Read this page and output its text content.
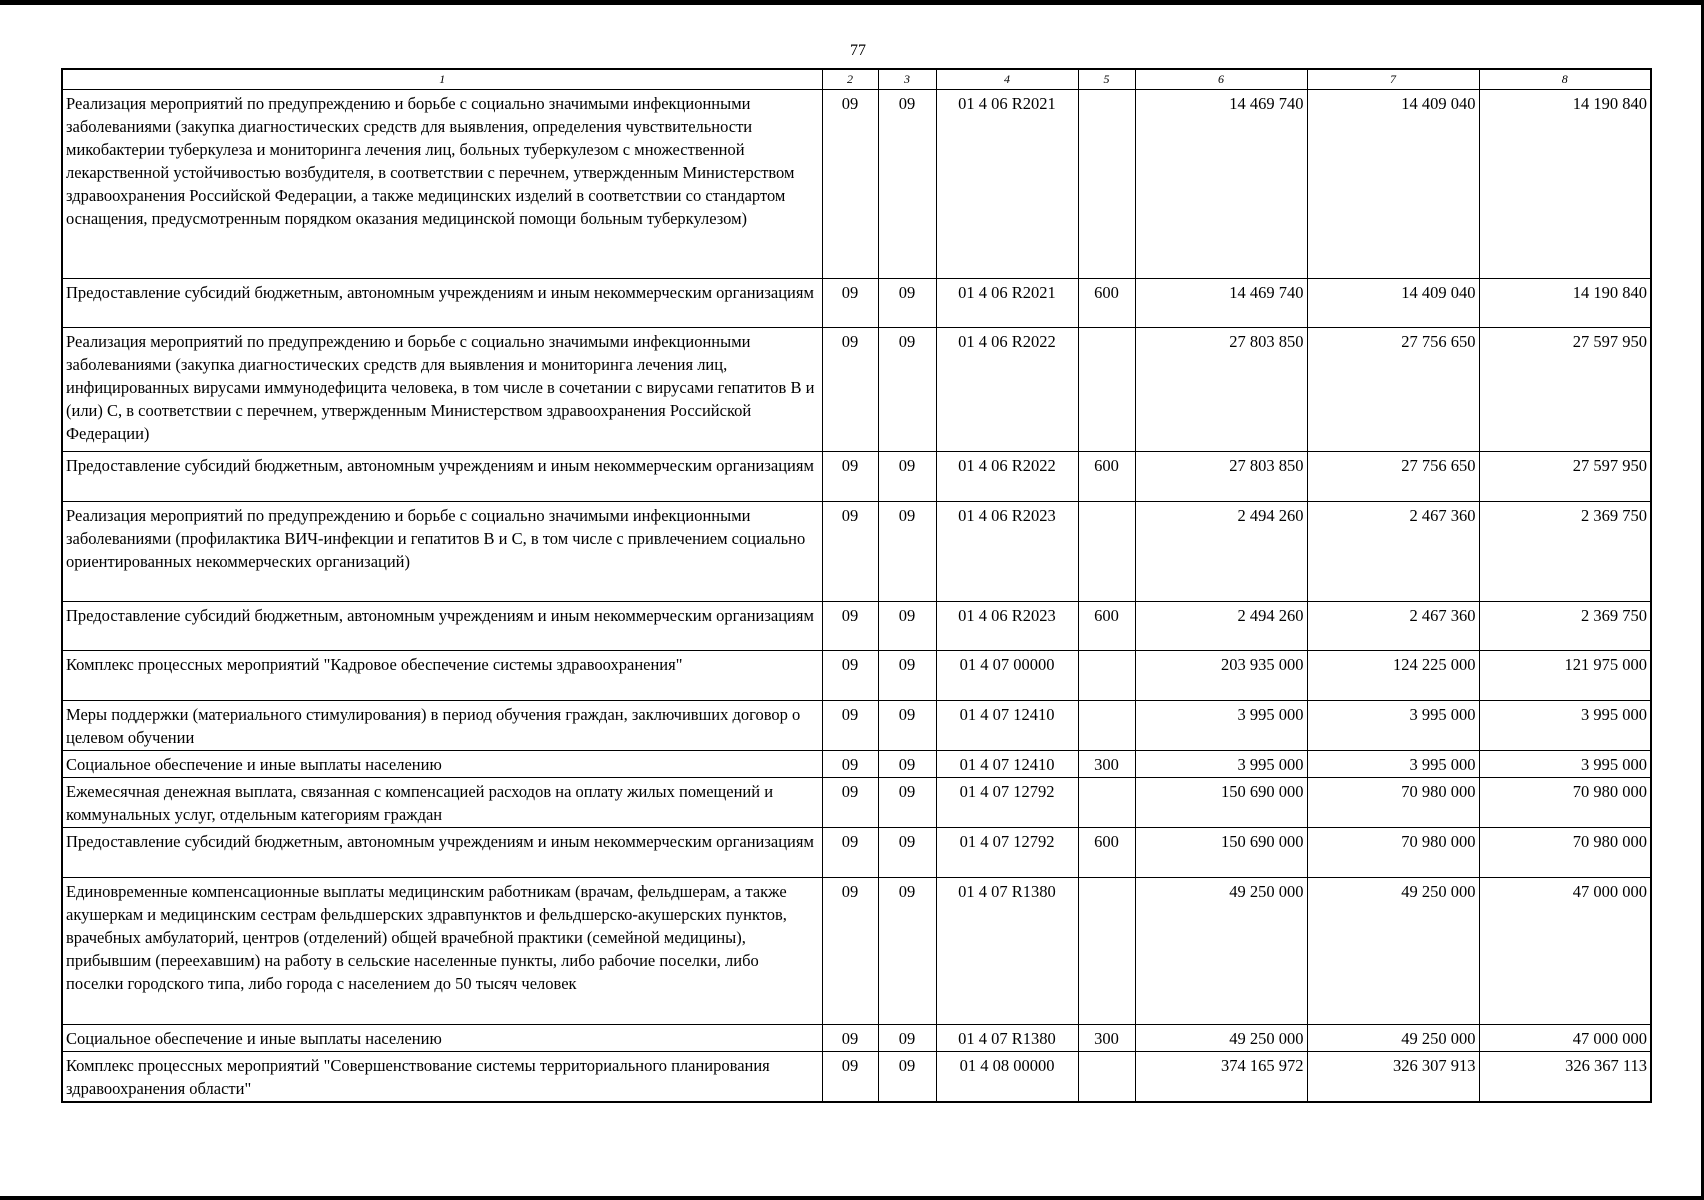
77
1	2	3	4	5	6	7	8
Реализация мероприятий по предупреждению и борьбе с социально значимыми инфекционными заболеваниями (закупка диагностических средств для выявления, определения чувствительности микобактерии туберкулеза и мониторинга лечения лиц, больных туберкулезом с множественной лекарственной устойчивостью возбудителя, в соответствии с перечнем, утвержденным Министерством здравоохранения Российской Федерации, а также медицинских изделий в соответствии со стандартом оснащения, предусмотренным порядком оказания медицинской помощи больным туберкулезом)	09	09	01 4 06 R2021		14 469 740	14 409 040	14 190 840
Предоставление субсидий бюджетным, автономным учреждениям и иным некоммерческим организациям	09	09	01 4 06 R2021	600	14 469 740	14 409 040	14 190 840
Реализация мероприятий по предупреждению и борьбе с социально значимыми инфекционными заболеваниями (закупка диагностических средств для выявления и мониторинга лечения лиц, инфицированных вирусами иммунодефицита человека, в том числе в сочетании с вирусами гепатитов B и (или) C, в соответствии с перечнем, утвержденным Министерством здравоохранения Российской Федерации)	09	09	01 4 06 R2022		27 803 850	27 756 650	27 597 950
Предоставление субсидий бюджетным, автономным учреждениям и иным некоммерческим организациям	09	09	01 4 06 R2022	600	27 803 850	27 756 650	27 597 950
Реализация мероприятий по предупреждению и борьбе с социально значимыми инфекционными заболеваниями (профилактика ВИЧ-инфекции и гепатитов B и C, в том числе с привлечением социально ориентированных некоммерческих организаций)	09	09	01 4 06 R2023		2 494 260	2 467 360	2 369 750
Предоставление субсидий бюджетным, автономным учреждениям и иным некоммерческим организациям	09	09	01 4 06 R2023	600	2 494 260	2 467 360	2 369 750
Комплекс процессных мероприятий "Кадровое обеспечение системы здравоохранения"	09	09	01 4 07 00000		203 935 000	124 225 000	121 975 000
Меры поддержки (материального стимулирования) в период обучения граждан, заключивших договор о целевом обучении	09	09	01 4 07 12410		3 995 000	3 995 000	3 995 000
Социальное обеспечение и иные выплаты населению	09	09	01 4 07 12410	300	3 995 000	3 995 000	3 995 000
Ежемесячная денежная выплата, связанная с компенсацией расходов на оплату жилых помещений и коммунальных услуг, отдельным категориям граждан	09	09	01 4 07 12792		150 690 000	70 980 000	70 980 000
Предоставление субсидий бюджетным, автономным учреждениям и иным некоммерческим организациям	09	09	01 4 07 12792	600	150 690 000	70 980 000	70 980 000
Единовременные компенсационные выплаты медицинским работникам (врачам, фельдшерам, а также акушеркам и медицинским сестрам фельдшерских здравпунктов и фельдшерско-акушерских пунктов, врачебных амбулаторий, центров (отделений) общей врачебной практики (семейной медицины), прибывшим (переехавшим) на работу в сельские населенные пункты, либо рабочие поселки, либо поселки городского типа, либо города с населением до 50 тысяч человек	09	09	01 4 07 R1380		49 250 000	49 250 000	47 000 000
Социальное обеспечение и иные выплаты населению	09	09	01 4 07 R1380	300	49 250 000	49 250 000	47 000 000
Комплекс процессных мероприятий "Совершенствование системы территориального планирования здравоохранения области"	09	09	01 4 08 00000		374 165 972	326 307 913	326 367 113
